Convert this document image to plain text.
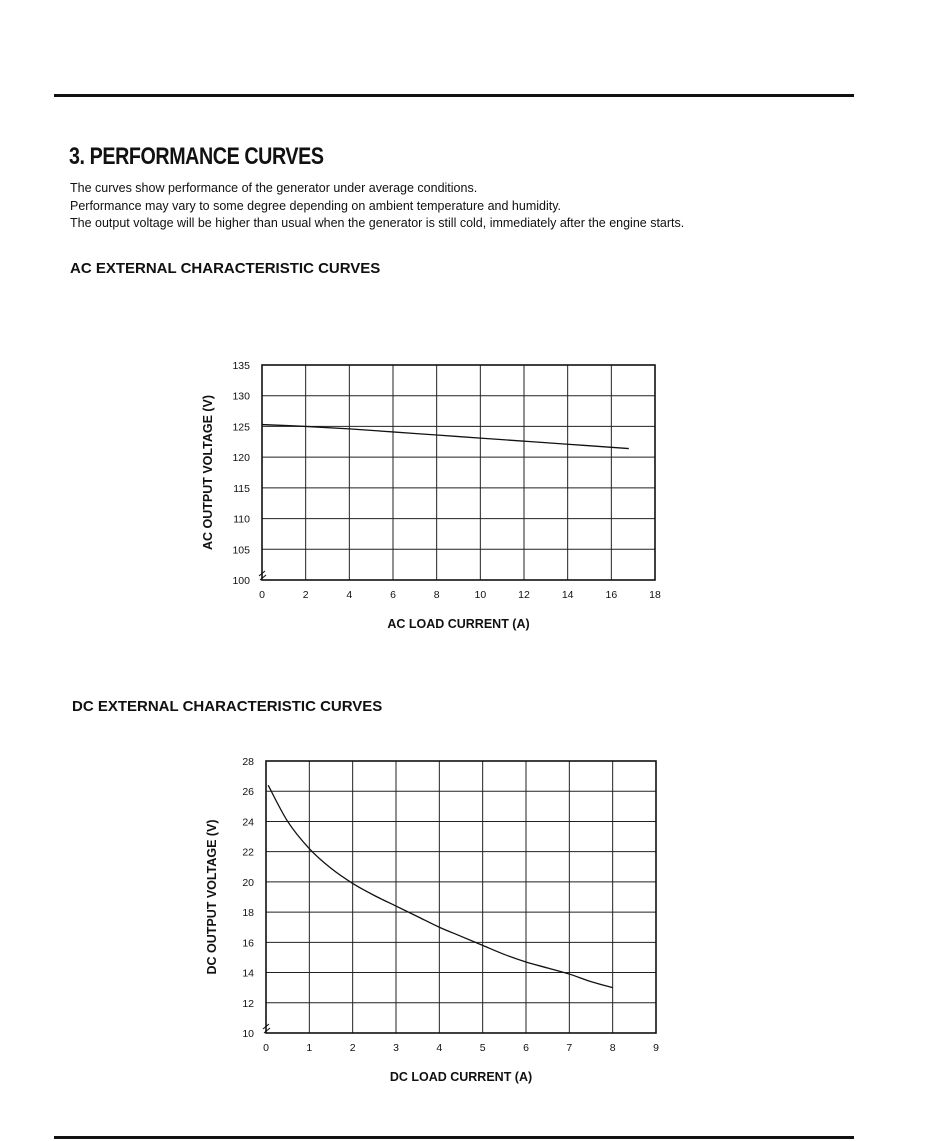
3. PERFORMANCE CURVES

The curves show performance of the generator under average conditions.

Performance may vary to some degree depending on ambient temperature and humidity.

The output voltage will be higher than usual when the generator is still cold, immediately after the engine starts.

AC EXTERNAL CHARACTERISTIC CURVES
0	2	4	6	8	10	12	14	16	18
100
105
110
115
120
125
130
135
AC LOAD CURRENT (A)
AC OUTPUT VOLTAGE (V)
DC EXTERNAL CHARACTERISTIC CURVES
0	1	2	3	4	5	6	7	8	9
10
12
14
16
18
20
22
24
26
28
DC LOAD CURRENT (A)
DC OUTPUT VOLTAGE (V)
